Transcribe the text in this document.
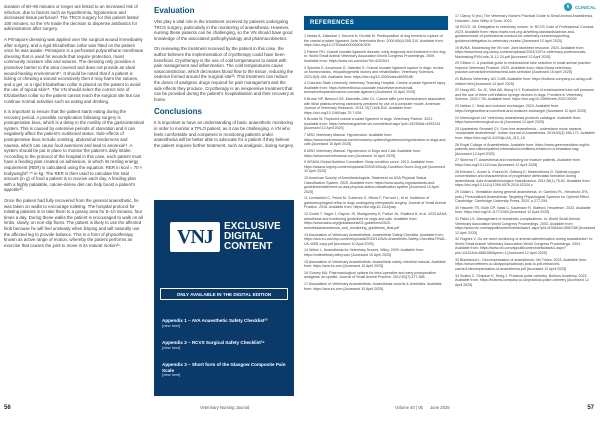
duration of 60–90 minutes or longer are linked to an increased risk of infection, due to factors such as hypothermia, hypotension and decreased tissue perfusion³. The TRCS surgery for this patient lasted 100 minutes, so the VN made the decision to dispense antibiotics for administration after surgery.
A Primapore dressing was applied over the surgical wound immediately after surgery, and a rigid Elizabethan collar was fitted on the patient once he was awake. Primapore is a perforated polyurethane membrane dressing that is used for wounds that require protection, moist community moisture slits and sutures. The dressing only provides a protective barrier to the area covered and does not provide an ideal wound-healing environment¹⁷. It should be noted that if a patient is licking or chewing a wound excessively then it may harm the sutures, and a gel, or a rigid Elizabethan collar is placed on the patient to avoid the use of topical skin¹⁸. The VN should select the correct size of Elizabethan collar so the patient cannot reach the surgical site but can continue normal activities such as eating and drinking.
It is important to ensure that the patient starts eating during the recovery period. A possible complication following surgery is postoperative ileus, which is a delay in the motility of the gastrointestinal system. This is caused by extensive periods of starvation and it can negatively affect the patient’s nutritional status. Side effects of postoperative ileus include vomiting, abdominal tenderness and nausea, which can cause food aversions and lead to anorexia¹⁹. A system should be put in place to monitor the patient’s daily intake. According to the protocol of the hospital in this case, each patient must have a feeding plan created on admission, in which its resting energy requirement (RER) is calculated using the equation: RER in kcal = 70 × bodyweight⁰·⁷⁵ in kg. The RER is then used to calculate the total amount (in g) of food a patient is to receive each day. A feeding plan with a highly palatable, calorie-dense diet can help boost a patient’s appetite²⁰.
Once the patient had fully recovered from the general anaesthetic, he was taken on walks to encourage toileting. The hospital protocol for toileting patients is to take them to a grassy area for 5–10 minutes, four times a day. During these walks the patient is encouraged to walk on all limbs, slowly, on non-slip floors. The patient is likely to use the affected limb because he will feel unsteady when limping and will naturally use the affected leg to provide balance. This is a form of physiotherapy known as active range of motion, whereby the patient performs an exercise that causes the joint to move in its natural motion²¹.
Evaluation
VNs play a vital role in the treatment received by patients undergoing TRCS surgery, particularly in the monitoring of anaesthesia. However, nursing these patients can be challenging, so the VN should have good knowledge of the associated pathophysiology and pharmacokinetics.
On reviewing the treatment received by the patient in this case, the author believes the implementation of cryotherapy could have been beneficial. Cryotherapy is the use of cold temperatures to assist with pain management and inflammation. The cold temperatures cause vasoconstriction, which decreases blood flow to the tissue, reducing the oedema formed around the surgical site²². This treatment can reduce the doses of analgesic drugs required for pain management and the side effects they produce. Cryotherapy is an inexpensive treatment that can be provided during the patient’s hospitalisation and their recovery at home.
Conclusions
It is important to have an understanding of basic anaesthetic monitoring in order to monitor a TPLO patient, as it can be challenging. A VN who feels comfortable and competent in monitoring patients under anaesthesia will be better able to advocate for a patient if they believe the patient requires further treatment, such as analgesic, during surgery.
VNJ	EXCLUSIVE DIGITAL CONTENT
ONLY AVAILABLE IN THE DIGITAL EDITION
Appendix 1 – AVA Anaesthetic Safety Checklist²³
[view here]
Appendix 2 – RCVS Surgical Safety Checklist²⁴
[view here]
Appendix 3 – Short form of the Glasgow Composite Pain Scale
[view here]
56	Veterinary Nursing Journal
⚕	CLINICAL
REFERENCES
1 Nečas A, Zatloukal J, Kecová H, Dvořák M. Predisposition of dog breeds to rupture of the cranial cruciate ligament. Acta Veterinaria Brno. 2000;69(4):305-310. Available from: https://doi.org/10.2754/avb200069040305
2 Palmer RH. Cranial cruciate ligament disease: early diagnosis and treatment in the dog. In: World Small Animal Veterinary Association World Congress Proceedings. 2009. Available from: https://www.vin.com/doc/?id=4252641
3 Spinella G, Arcamone G, Valentini S. Cranial cruciate ligament rupture in dogs: review on biomechanics, etiopathogenetic factors and rehabilitation. Veterinary Sciences. 2021;8(9):186. Available from: https://doi.org/10.3390/vetsci8090186
4 Colorado State University Veterinary Teaching Hospital. Canine cruciate ligament injury. Available from: https://vetmedbiosci.colostate.edu/vth/services/small-animal/orthopaedic/canine-cruciate-ligament [Accessed 10 April 2025]
5 Brown NP, Bertocci GE, Marcellin-Little DJ. Canine stifle joint biomechanics associated with tibial plateau leveling osteotomy predicted by use of a computer model. American Journal of Veterinary Research. 2014;75(7):626-632. Available from: https://doi.org/10.2460/ajvr.75.7.626
6 Brooks W. Ruptured cranial cruciate ligament in dogs. Veterinary Partner. 2021. Available from: https://veterinarypartner.vin.com/default.aspx?pid=19239&id=4952244 [Accessed 10 April 2025]
7 MSD Veterinary Manual. Hypotension. Available from: https://www.msdvetmanual.com/circulatory-system/hypotension/hypotension-in-dogs-and-cats [Accessed 10 April 2025]
8 MSD Veterinary Manual. Hypotension in Dogs and Cats. Available from: https://www.msdvetmanual.com [Accessed 10 April 2025]
9 WSAVA Global Nutrition Committee. Body condition score. 2013. Available from: https://wsava.org/wp-content/uploads/2020/01/Body-Condition-Score-Dog.pdf [Accessed 10 April 2025]
10 American Society of Anesthesiologists. Statement on ASA Physical Status Classification System. 2020. Available from: https://www.asahq.org/standards-and-guidelines/statement-on-asa-physical-status-classification-system [Accessed 10 April 2025]
11 Lombardini C, Pelosi M, Gutierrez G, Mione F, Ferrucci L, et al. Incidence of gastroesophageal reflux in dogs undergoing orthopaedic surgery. Journal of Small Animal Practice. 2018. Available from: https://doi.org/10.1111/jsap
12 Grubb T, Sager J, Gaynor JS, Montgomery E, Parker JA, Shafford H, et al. 2020 AAHA anesthesia and monitoring guidelines for dogs and cats. Available from: https://www.aaha.org/globalassets/02-guidelines/2020-anesthesia/anesthesia_and_monitoring_guidelines_final.pdf
13 Association of Veterinary Anaesthetists. Anaesthetic Safety Checklist. Available from: https://ava.eu.com/wp-content/uploads/2015/11/AVA-Anaesthetic-Safety-Checklist-FINAL-UK-WEB-copy.pdf [Accessed 10 April 2025]
14 Welsh L. Anaesthesia for Veterinary Nurses. Wiley. 2009. Available from: https://onlinelibrary.wiley.com [Accessed 10 April 2025]
15 Association of Veterinary Anaesthetists. Anaesthetic safety checklist manual. Available from: https://ava.eu.com [Accessed 10 April 2025]
16 Gurney MA. Pharmacological options for intra-operative and early postoperative analgesia: an update. Journal of Small Animal Practice. 2012;53(7):377-386.
17 Association of Veterinary Anaesthetists. Anaesthesia records & checklists. Available from: https://ava.eu.com [Accessed 10 April 2025]
17 Clancy N (ed.) The Veterinary Nurse’s Practical Guide to Small Animal Anaesthesia. Hoboken: John Wiley & Sons; 2023.
18 RCVS. 18. Delegation to veterinary nurses. In: RCVS Code of Professional Conduct. 2023. Available from: https://www.rcvs.org.uk/setting-standards/advice-and-guidance/code-of-professional-conduct-for-veterinary-nurses/supporting-guidance/delegation-to-veterinary-nurses/ [Accessed 12 April 2025]
19 BVNA. Maximising the VN role: Joint factsheet resource. 2024. Available from: https://www.bvna.org.uk/wp-content/uploads/2024/12/For-veterinary-professionals-Maximising-RVN-role-11.12.24.pdf [Accessed 12 April 2025]
20 Gibson C. A practical guide to endotracheal tube selection in small animal practice. Improve Veterinary Practice. 2020. Available from: https://www.veterinary-practice.com/article/endotracheal-tube-selection [Accessed 15 April 2025]
21 Buttons Veterinary. AG Cuff8. Available from: https://buttons.company.co.uk/ag-cuff-inflator.html [Accessed 13 April 2025]
22 Hung WC, Ko JC, Weil AB, Weng H-Y. Evaluation of endotracheal tube cuff pressure and the use of three cuff inflation syringe devices in dogs. Frontiers in Veterinary Science. 2020;7:39. Available from: https://doi.org/10.3389/fvets.2020.00039
23 Nelson C. Heat and moisture exchanger. 2024. Available from: https://vetgirlontherun.com/heat-and-moisture-exchanger [Accessed 12 April 2025]
24 Intersurgical Ltd. Veterinary anaesthesia products catalogue. Available from: https://www.intersurgical.co.uk [Accessed 12 April 2025]
25 Upadeshek Sentwell CV. Sure-free anaesthesia – understand mode towards “sustainable anaesthesia”. Indian Journal of Anaesthesia. 2019;63(3):166-172. Available from: https://doi.org/10.4103/ija.IJA_413_18
26 Royal College of Anaesthetists. Available from: https://www.greenmedicine.org/for-patients-and-visitors/patient-information/conditions-treated-in-a-inhalation-bag [Accessed 12 April 2025]
27 Skerrow IT. Anaesthesia and monitoring for fracture patients. Available from: https://doi.org/10.1111/vaa [Accessed 12 April 2025]
28 Edmark L, Auner U, Enlund M, Östberg E, Hedenstierna G. Optimal oxygen concentration and characteristics of progressive atelectasis formation during anaesthesia. Acta Anaesthesiologica Scandinavica. 2011;55(1):75-81. Available from: https://doi.org/10.1111/j.1399-6576.2010.02334.x
29 Gallart L. Ventilation during general anaesthesia. In: Gambús PL, Hendrickx JFA, (eds.) Personalized Anaesthesia: Targeting Physiological Systems for Optimal Effect. Cambridge: Cambridge University Press; 2020. p.277-294.
30 Haworth TR, Kloth DP, Vassi C, Kaufmann R. Stafford, Heuwieser. 2023. Available from: https://doi.org/10.1177/2045 [Accessed 12 April 2025]
31 Pablo LS. Management of anesthetic complications. In: World Small Animal Veterinary Association World Congress Proceedings. 2003. Available from: https://www.vin.com/apputil/content/defaultadv1.aspx?pId=8768&id=3850788 [Accessed 12 April 2025]
32 Hughes V. Do we need monitoring of arterial catheterisation during anaesthesia? In: World Small Animal Veterinary Association World Congress Proceedings. 2004. Available from: https://www.vin.com/apputil/content/defaultadv1.aspx?pId=11181&id=8881580&print=1 [Accessed 12 April 2025]
33 Blackwood L. Decompensation of anaesthesia. Vet Times; 2015. Available from: https://www.vettimes.co.uk/app/uploads/wp-post-to-pdf-enhanced-cache/1/decompensation-of-anaesthesia.pdf [Accessed 12 April 2025]
34 Scales C, Simpson K, Hueg J. Practical pulse oximetry. Buttons Academy. 2023. Available from: https://buttons.company.co.uk/practical-pulse-oximetry [Accessed 12 April 2025]
Volume 40 | 05 June 2025	57
